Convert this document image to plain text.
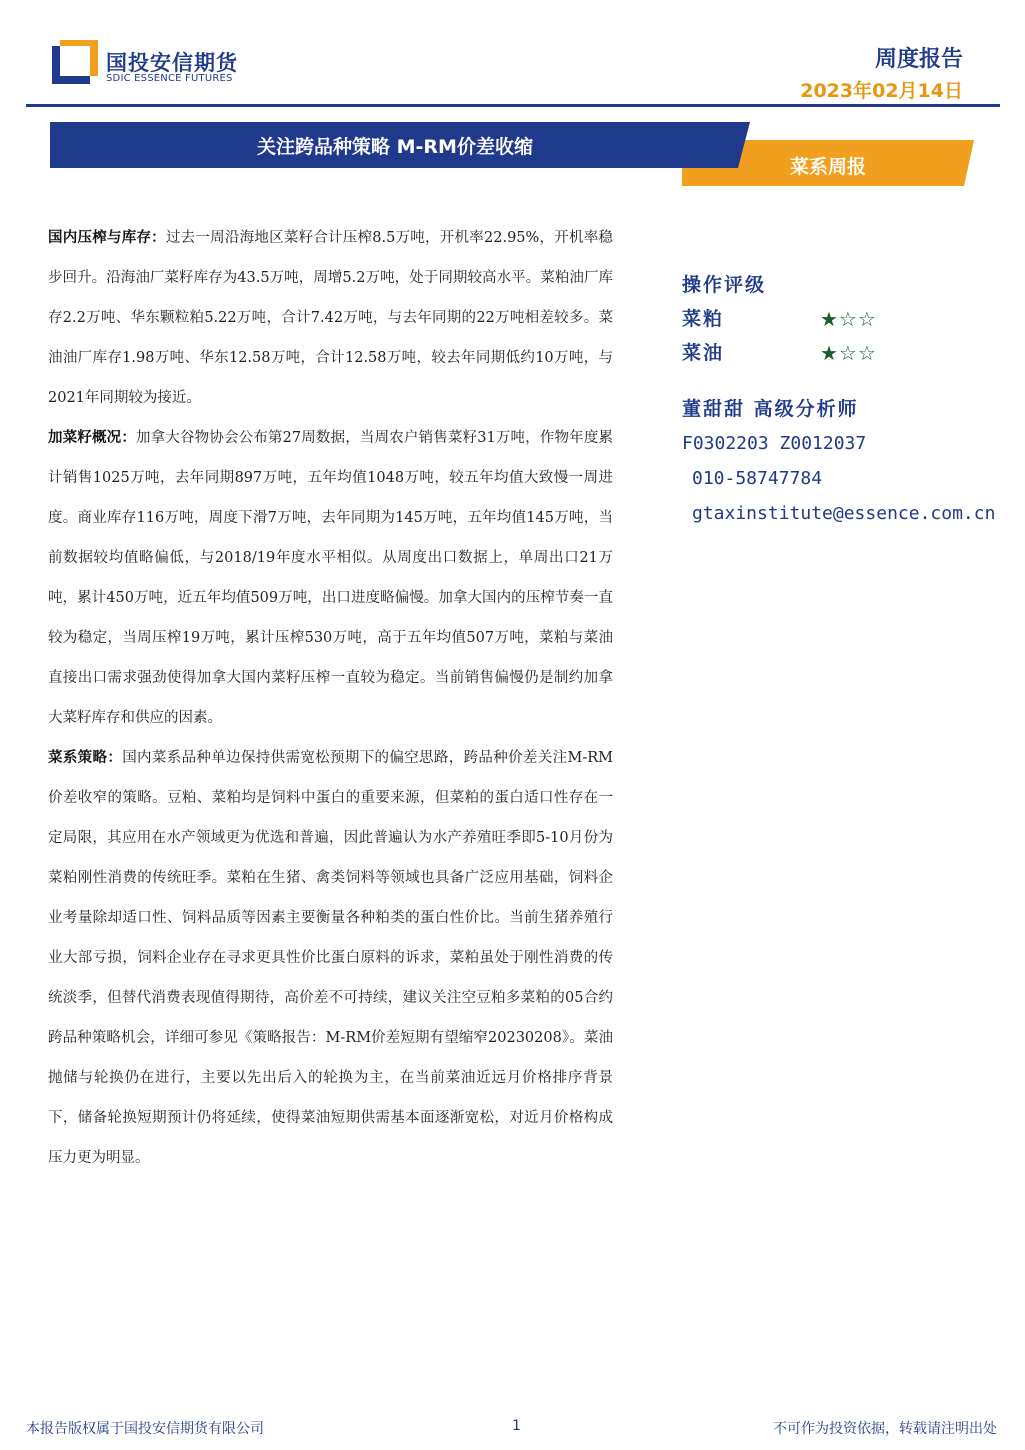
国投安信期货
SDIC ESSENCE FUTURES
周度报告
2023年02月14日
关注跨品种策略 M-RM价差收缩
菜系周报

国内压榨与库存：过去一周沿海地区菜籽合计压榨8.5万吨，开机率22.95%，开机率稳步回升。沿海油厂菜籽库存为43.5万吨，周增5.2万吨，处于同期较高水平。菜粕油厂库存2.2万吨、华东颗粒粕5.22万吨，合计7.42万吨，与去年同期的22万吨相差较多。菜油油厂库存1.98万吨、华东12.58万吨，合计12.58万吨，较去年同期低约10万吨，与2021年同期较为接近。

加菜籽概况：加拿大谷物协会公布第27周数据，当周农户销售菜籽31万吨，作物年度累计销售1025万吨，去年同期897万吨，五年均值1048万吨，较五年均值大致慢一周进度。商业库存116万吨，周度下滑7万吨，去年同期为145万吨，五年均值145万吨，当前数据较均值略偏低，与2018/19年度水平相似。从周度出口数据上，单周出口21万吨，累计450万吨，近五年均值509万吨，出口进度略偏慢。加拿大国内的压榨节奏一直较为稳定，当周压榨19万吨，累计压榨530万吨，高于五年均值507万吨，菜粕与菜油直接出口需求强劲使得加拿大国内菜籽压榨一直较为稳定。当前销售偏慢仍是制约加拿大菜籽库存和供应的因素。

菜系策略：国内菜系品种单边保持供需宽松预期下的偏空思路，跨品种价差关注M-RM价差收窄的策略。豆粕、菜粕均是饲料中蛋白的重要来源，但菜粕的蛋白适口性存在一定局限，其应用在水产领域更为优选和普遍，因此普遍认为水产养殖旺季即5-10月份为菜粕刚性消费的传统旺季。菜粕在生猪、禽类饲料等领域也具备广泛应用基础，饲料企业考量除却适口性、饲料品质等因素主要衡量各种粕类的蛋白性价比。当前生猪养殖行业大部亏损，饲料企业存在寻求更具性价比蛋白原料的诉求，菜粕虽处于刚性消费的传统淡季，但替代消费表现值得期待，高价差不可持续，建议关注空豆粕多菜粕的05合约跨品种策略机会，详细可参见《策略报告：M-RM价差短期有望缩窄20230208》。菜油抛储与轮换仍在进行，主要以先出后入的轮换为主，在当前菜油近远月价格排序背景下，储备轮换短期预计仍将延续，使得菜油短期供需基本面逐渐宽松，对近月价格构成压力更为明显。

操作评级
菜粕	★☆☆
菜油	★☆☆
董甜甜 高级分析师
F0302203 Z0012037
010-58747784
gtaxinstitute@essence.com.cn
本报告版权属于国投安信期货有限公司	1	不可作为投资依据，转载请注明出处
